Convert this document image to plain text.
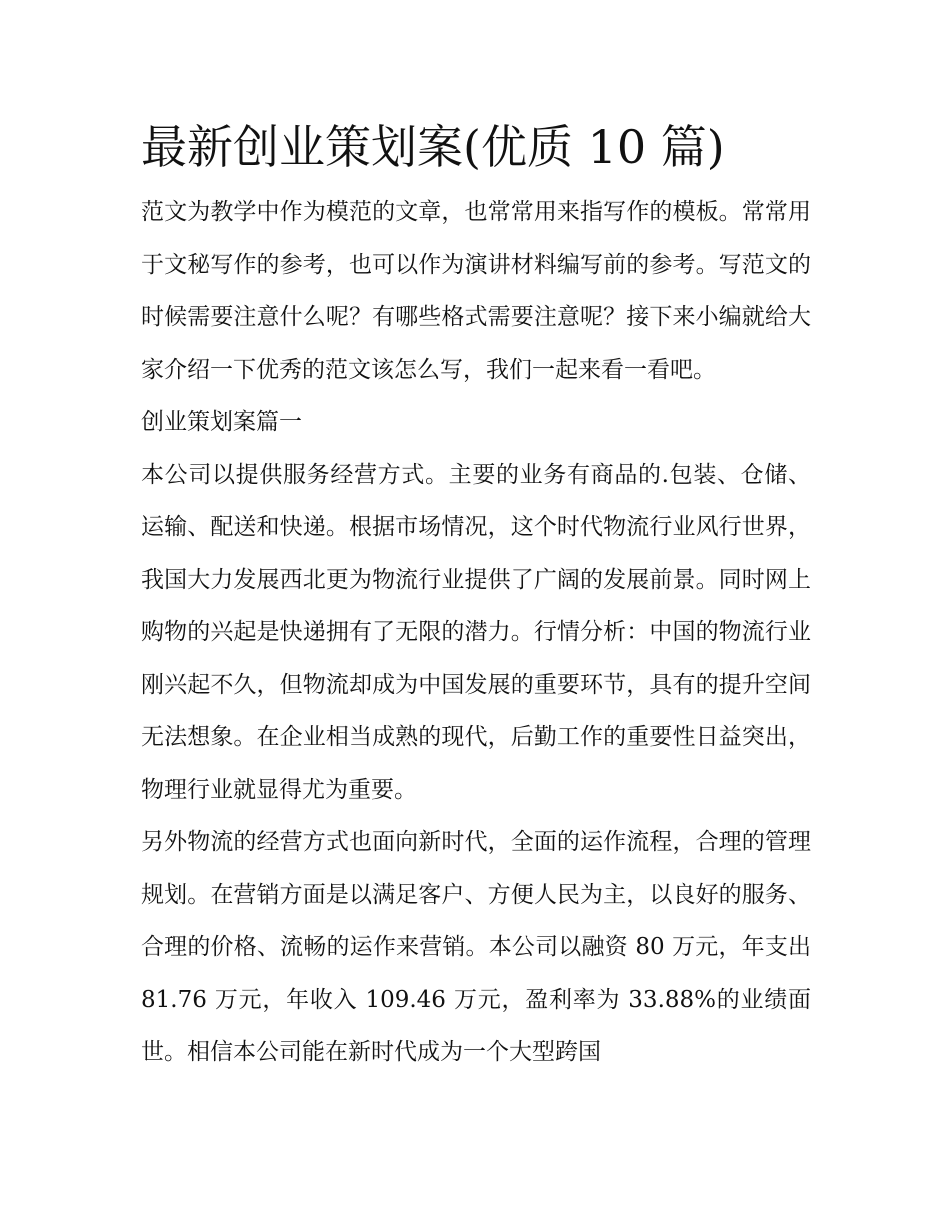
最新创业策划案(优质 10 篇)

范文为教学中作为模范的文章，也常常用来指写作的模板。常常用于文秘写作的参考，也可以作为演讲材料编写前的参考。写范文的时候需要注意什么呢？有哪些格式需要注意呢？接下来小编就给大家介绍一下优秀的范文该怎么写，我们一起来看一看吧。

创业策划案篇一

本公司以提供服务经营方式。主要的业务有商品的.包装、仓储、运输、配送和快递。根据市场情况，这个时代物流行业风行世界，我国大力发展西北更为物流行业提供了广阔的发展前景。同时网上购物的兴起是快递拥有了无限的潜力。行情分析：中国的物流行业刚兴起不久，但物流却成为中国发展的重要环节，具有的提升空间无法想象。在企业相当成熟的现代，后勤工作的重要性日益突出，物理行业就显得尤为重要。

另外物流的经营方式也面向新时代，全面的运作流程，合理的管理规划。在营销方面是以满足客户、方便人民为主，以良好的服务、合理的价格、流畅的运作来营销。本公司以融资 80 万元，年支出 81.76 万元，年收入 109.46 万元，盈利率为 33.88%的业绩面世。相信本公司能在新时代成为一个大型跨国
